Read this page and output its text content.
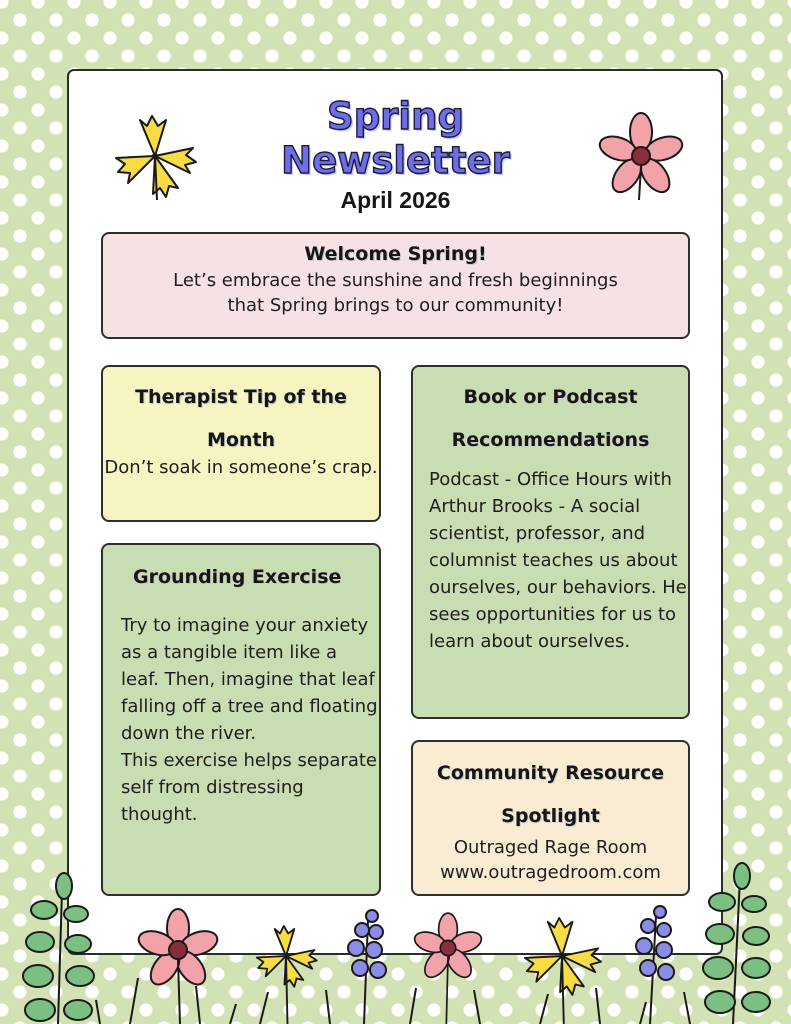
Spring
Newsletter
April 2026
Welcome Spring!

Let’s embrace the sunshine and fresh beginnings

that Spring brings to our community!

Therapist Tip of the Month

Don’t soak in someone’s crap.

Book or Podcast Recommendations

Podcast - Office Hours with Arthur Brooks - A social scientist, professor, and columnist teaches us about ourselves, our behaviors. He sees opportunities for us to learn about ourselves.

Grounding Exercise

Try to imagine your anxiety as a tangible item like a leaf. Then, imagine that leaf falling off a tree and floating down the river.

This exercise helps separate self from distressing thought.

Community Resource Spotlight

Outraged Rage Room

www.outragedroom.com
